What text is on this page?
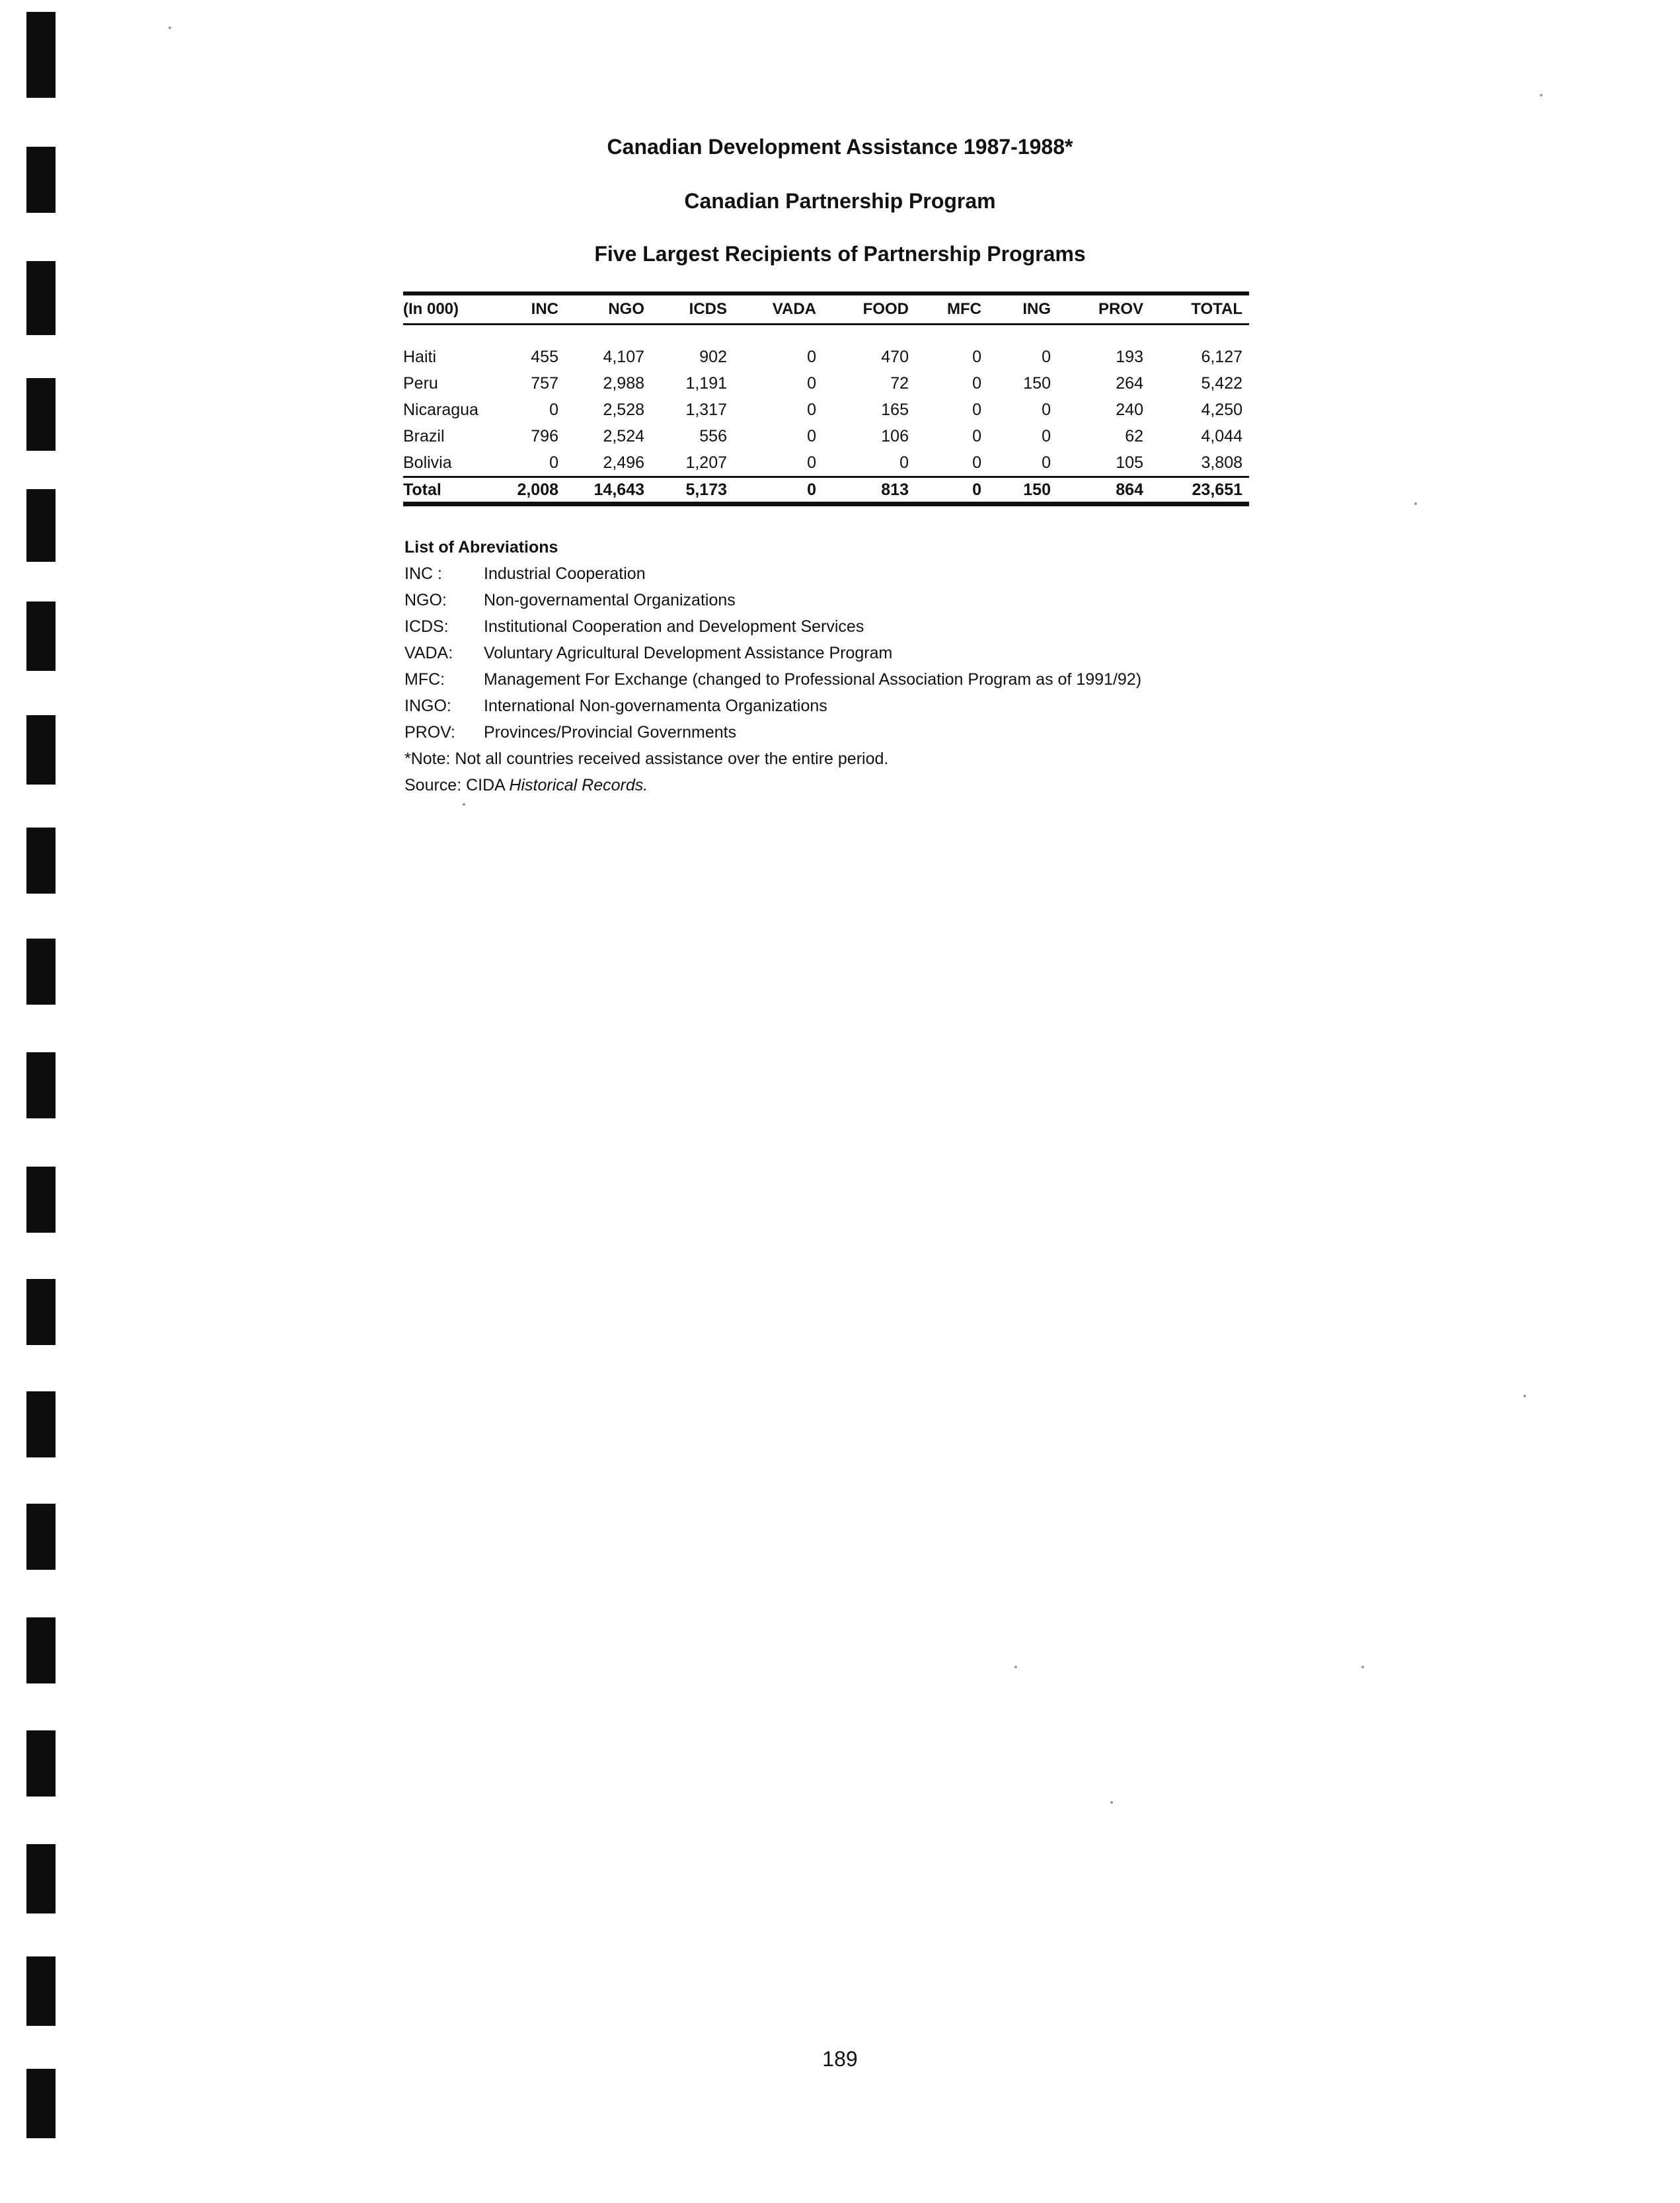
Canadian Development Assistance 1987-1988*
Canadian Partnership Program
Five Largest Recipients of Partnership Programs
(In 000)	INC	NGO	ICDS	VADA	FOOD	MFC	ING	PROV	TOTAL

Haiti	455	4,107	902	0	470	0	0	193	6,127
Peru	757	2,988	1,191	0	72	0	150	264	5,422
Nicaragua	0	2,528	1,317	0	165	0	0	240	4,250
Brazil	796	2,524	556	0	106	0	0	62	4,044
Bolivia	0	2,496	1,207	0	0	0	0	105	3,808
Total	2,008	14,643	5,173	0	813	0	150	864	23,651
List of Abreviations
INC :	Industrial Cooperation
NGO:	Non-governamental Organizations
ICDS:	Institutional Cooperation and Development Services
VADA:	Voluntary Agricultural Development Assistance Program
MFC:	Management For Exchange (changed to Professional Association Program as of 1991/92)
INGO:	International Non-governamenta Organizations
PROV:	Provinces/Provincial Governments
*Note: Not all countries received assistance over the entire period.
Source: CIDA Historical Records.
189
